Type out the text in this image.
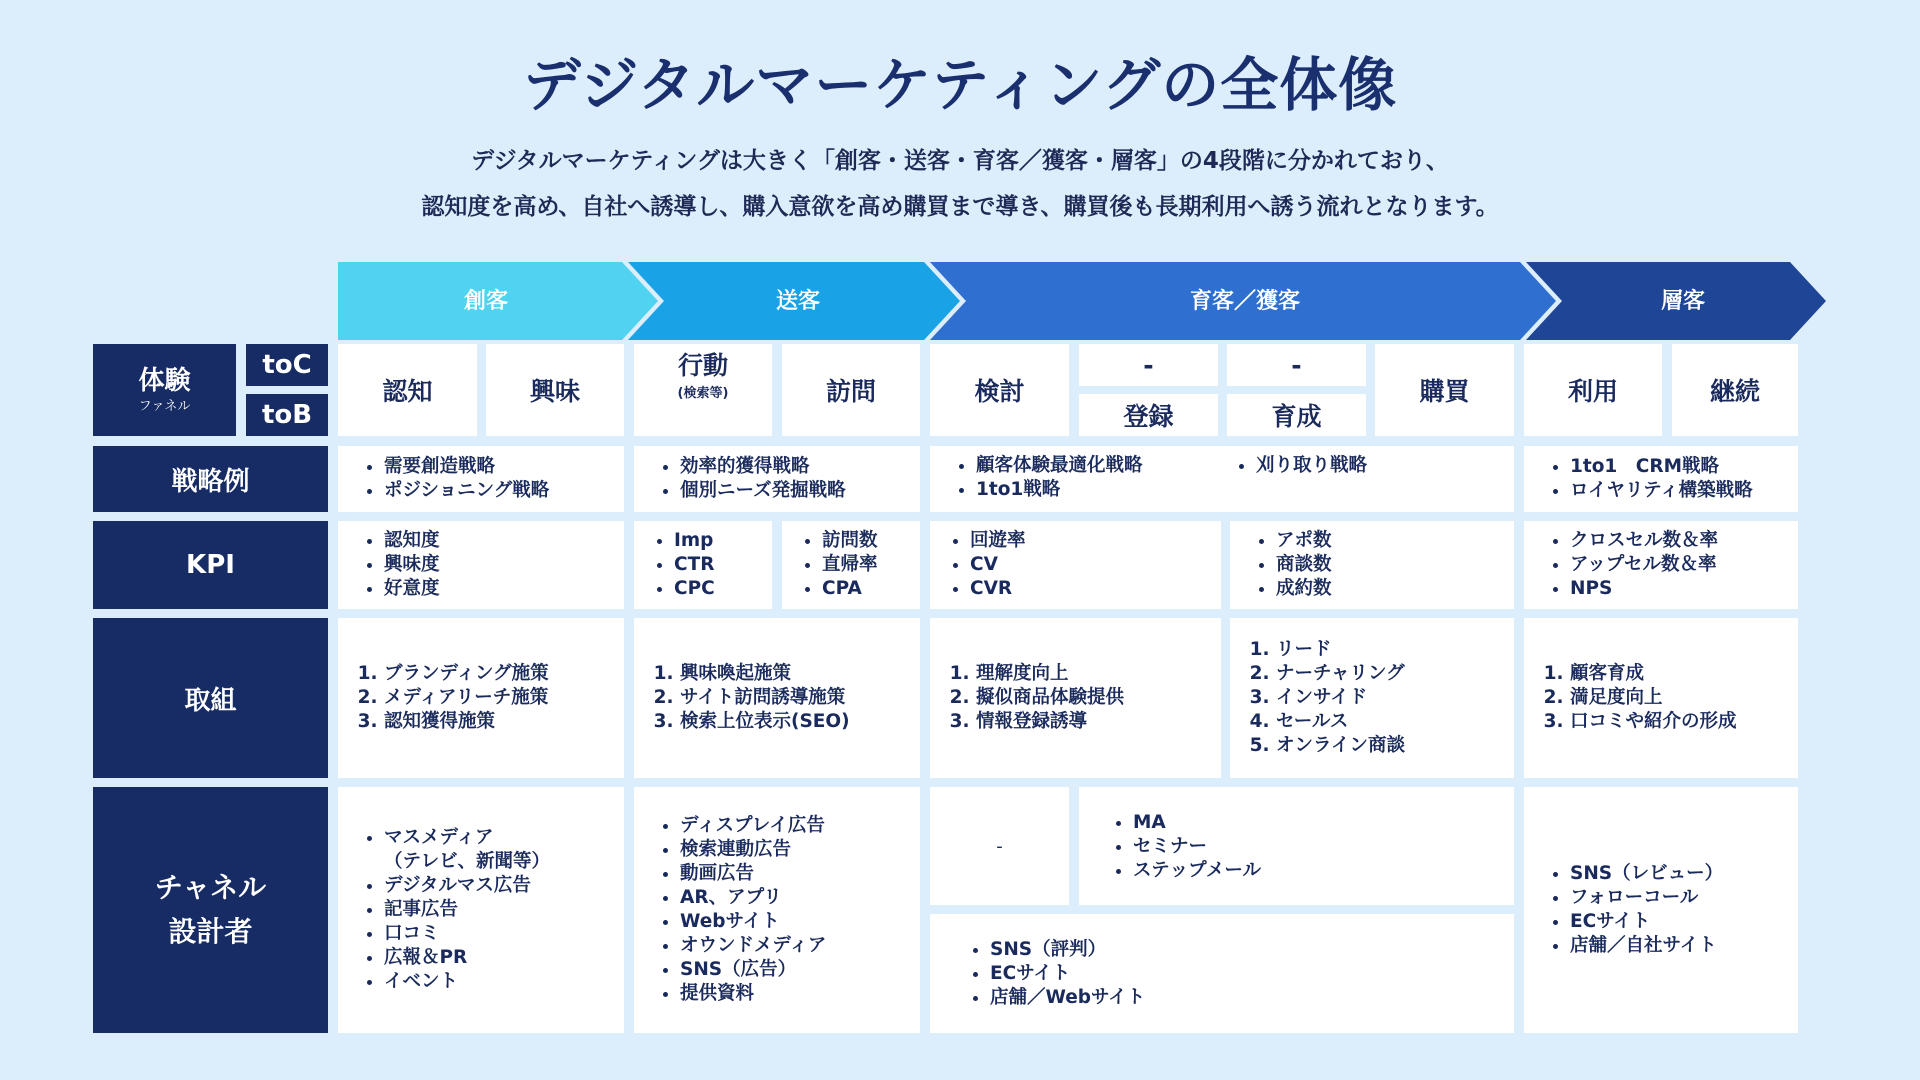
デジタルマーケティングの全体像
デジタルマーケティングは大きく「創客・送客・育客／獲客・層客」の4段階に分かれており、
認知度を高め、自社へ誘導し、購入意欲を高め購買まで導き、購買後も長期利用へ誘う流れとなります。
創客	送客	育客／獲客	層客
体験
ファネル
toC
toB
戦略例
KPI
取組
チャネル
設計者
認知	興味
行動
(検索等)	訪問	検討
-
登録
-
育成
購買	利用	継続
• 需要創造戦略
• ポジショニング戦略
• 効率的獲得戦略
• 個別ニーズ発掘戦略
• 顧客体験最適化戦略
• 1to1戦略
• 刈り取り戦略
•	1to1　CRM戦略
• ロイヤリティ構築戦略
• 認知度
• 興味度
• 好意度
• Imp
• CTR
• CPC
• 訪問数
• 直帰率
• CPA
• 回遊率
• CV
• CVR
• アポ数
• 商談数
• 成約数
• クロスセル数＆率
• アップセル数＆率
• NPS
1. ブランディング施策
2. メディアリーチ施策
3. 認知獲得施策
1. 興味喚起施策
2. サイト訪問誘導施策
3. 検索上位表示(SEO)
1. 理解度向上
2. 擬似商品体験提供
3. 情報登録誘導
1. リード
2. ナーチャリング
3. インサイド
4. セールス
5. オンライン商談
1. 顧客育成
2. 満足度向上
3. 口コミや紹介の形成
• マスメディア
（テレビ、新聞等）
• デジタルマス広告
• 記事広告
• 口コミ
• 広報＆PR
• イベント
• ディスプレイ広告
• 検索連動広告
• 動画広告
• AR、アプリ
• Webサイト
• オウンドメディア
• SNS（広告）
• 提供資料
-
• MA
• セミナー
• ステップメール
• SNS（評判）
• ECサイト
• 店舗／Webサイト
• SNS（レビュー）
• フォローコール
• ECサイト
• 店舗／自社サイト
